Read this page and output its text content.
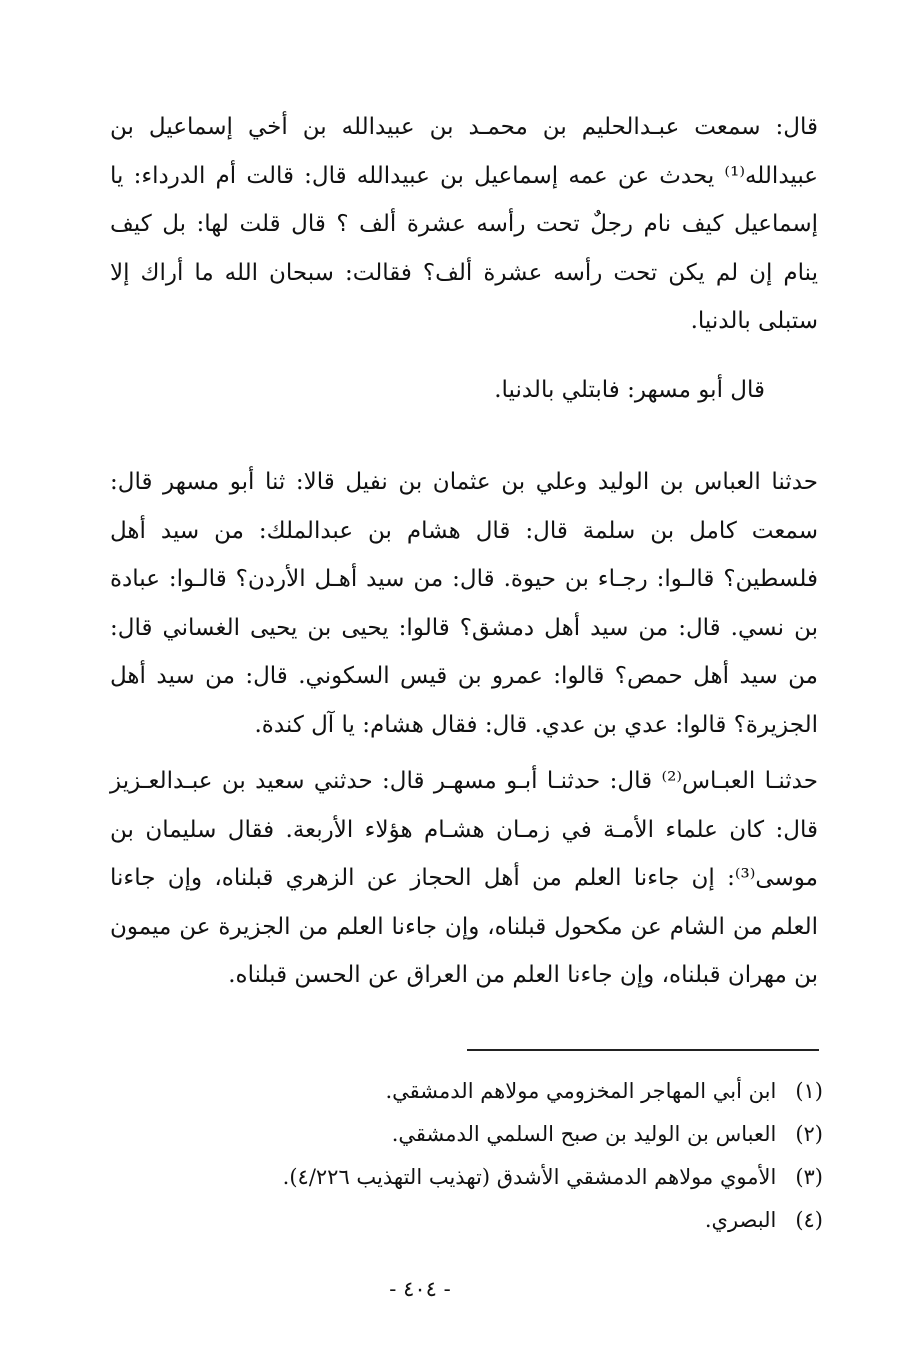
قال: سمعت عبـدالحليم بن محمـد بن عبيدالله بن أخي إسماعيل بن عبيدالله⁽¹⁾ يحدث عن عمه إسماعيل بن عبيدالله قال: قالت أم الدرداء: يا إسماعيل كيف نام رجلٌ تحت رأسه عشرة ألف ؟ قال قلت لها: بل كيف ينام إن لم يكن تحت رأسه عشرة ألف؟ فقالت: سبحان الله ما أراك إلا ستبلى بالدنيا.

قال أبو مسهر: فابتلي بالدنيا.

حدثنا العباس بن الوليد وعلي بن عثمان بن نفيل قالا: ثنا أبو مسهر قال: سمعت كامل بن سلمة قال: قال هشام بن عبدالملك: من سيد أهل فلسطين؟ قالـوا: رجـاء بن حيوة. قال: من سيد أهـل الأردن؟ قالـوا: عبادة بن نسي. قال: من سيد أهل دمشق؟ قالوا: يحيى بن يحيى الغساني قال: من سيد أهل حمص؟ قالوا: عمرو بن قيس السكوني. قال: من سيد أهل الجزيرة؟ قالوا: عدي بن عدي. قال: فقال هشام: يا آل كندة.

حدثنـا العبـاس⁽²⁾ قال: حدثنـا أبـو مسهـر قال: حدثني سعيد بن عبـدالعـزيز قال: كان علماء الأمـة في زمـان هشـام هؤلاء الأربعة. فقال سليمان بن موسى⁽³⁾: إن جاءنا العلم من أهل الحجاز عن الزهري قبلناه، وإن جاءنا العلم من الشام عن مكحول قبلناه، وإن جاءنا العلم من الجزيرة عن ميمون بن مهران قبلناه، وإن جاءنا العلم من العراق عن الحسن قبلناه.

(١) ابن أبي المهاجر المخزومي مولاهم الدمشقي.
(٢) العباس بن الوليد بن صبح السلمي الدمشقي.
(٣) الأموي مولاهم الدمشقي الأشدق (تهذيب التهذيب ٤/٢٢٦).
(٤) البصري.
- ٤٠٤ -
